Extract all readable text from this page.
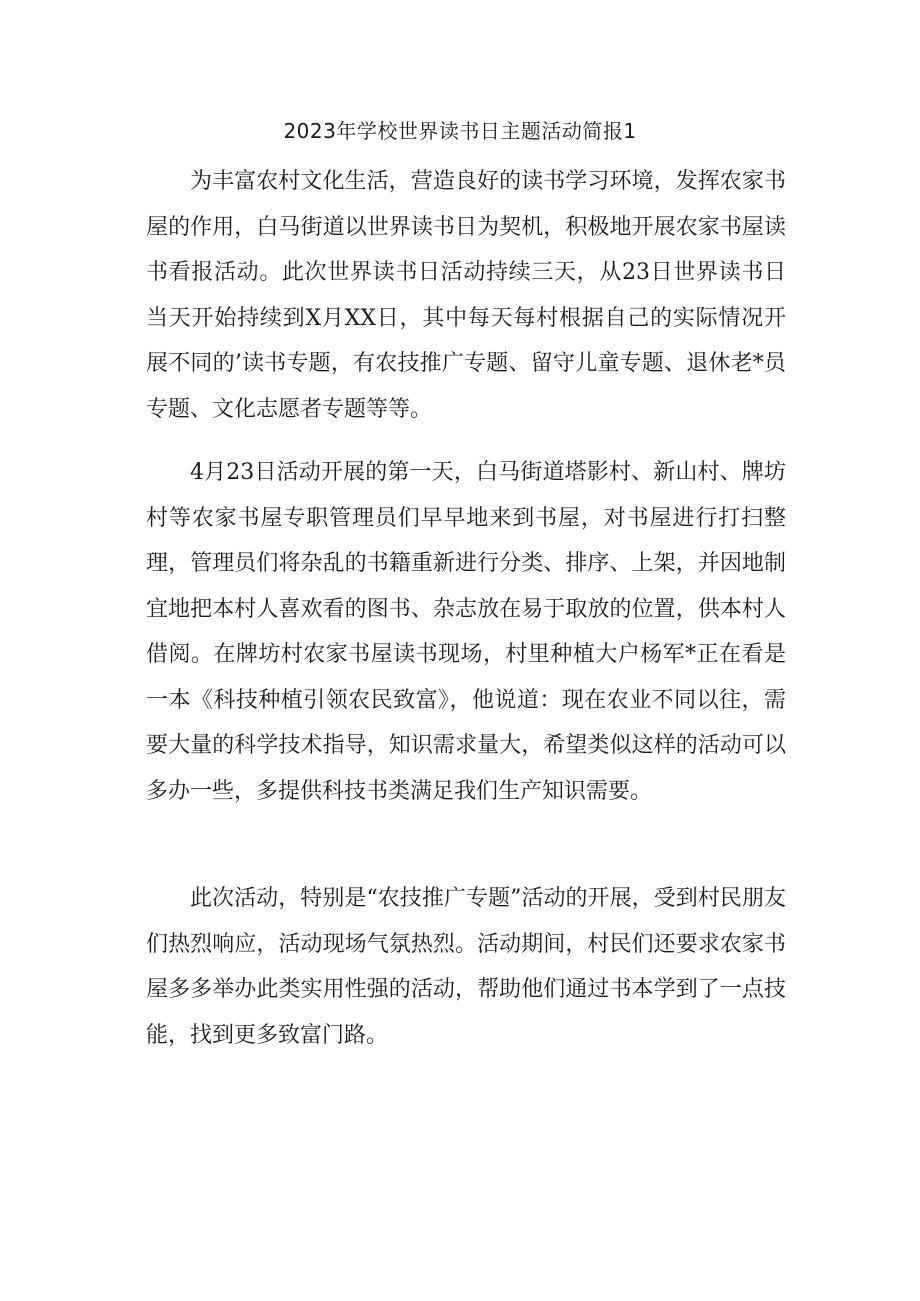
2023年学校世界读书日主题活动简报1

为丰富农村文化生活，营造良好的读书学习环境，发挥农家书屋的作用，白马街道以世界读书日为契机，积极地开展农家书屋读书看报活动。此次世界读书日活动持续三天，从23日世界读书日当天开始持续到X月XX日，其中每天每村根据自己的实际情况开展不同的’读书专题，有农技推广专题、留守儿童专题、退休老*员专题、文化志愿者专题等等。

4月23日活动开展的第一天，白马街道塔影村、新山村、牌坊村等农家书屋专职管理员们早早地来到书屋，对书屋进行打扫整理，管理员们将杂乱的书籍重新进行分类、排序、上架，并因地制宜地把本村人喜欢看的图书、杂志放在易于取放的位置，供本村人借阅。在牌坊村农家书屋读书现场，村里种植大户杨军*正在看是一本《科技种植引领农民致富》，他说道：现在农业不同以往，需要大量的科学技术指导，知识需求量大，希望类似这样的活动可以多办一些，多提供科技书类满足我们生产知识需要。

此次活动，特别是“农技推广专题”活动的开展，受到村民朋友们热烈响应，活动现场气氛热烈。活动期间，村民们还要求农家书屋多多举办此类实用性强的活动，帮助他们通过书本学到了一点技能，找到更多致富门路。
